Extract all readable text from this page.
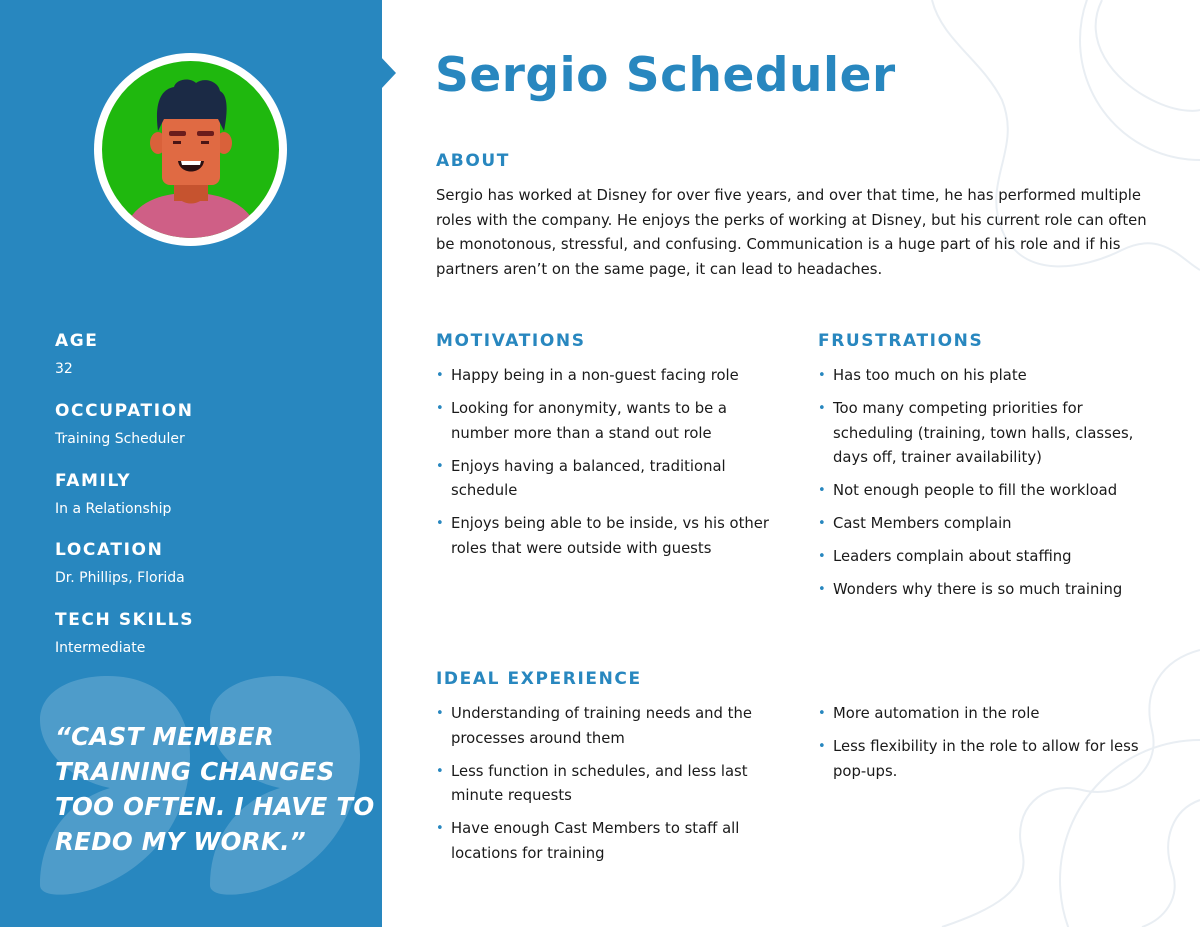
AGE
32
OCCUPATION
Training Scheduler
FAMILY
In a Relationship
LOCATION
Dr. Phillips, Florida
TECH SKILLS
Intermediate
“CAST MEMBER TRAINING CHANGES TOO OFTEN. I HAVE TO REDO MY WORK.”
Sergio Scheduler
ABOUT
Sergio has worked at Disney for over five years, and over that time, he has performed multiple roles with the company. He enjoys the perks of working at Disney, but his current role can often be monotonous, stressful, and confusing. Communication is a huge part of his role and if his partners aren’t on the same page, it can lead to headaches.
MOTIVATIONS
• Happy being in a non-guest facing role
• Looking for anonymity, wants to be a number more than a stand out role
• Enjoys having a balanced, traditional schedule
• Enjoys being able to be inside, vs his other roles that were outside with guests
FRUSTRATIONS
• Has too much on his plate
• Too many competing priorities for scheduling (training, town halls, classes, days off, trainer availability)
• Not enough people to fill the workload
• Cast Members complain
• Leaders complain about staffing
• Wonders why there is so much training
IDEAL EXPERIENCE
• Understanding of training needs and the processes around them
• Less function in schedules, and less last minute requests
• Have enough Cast Members to staff all locations for training
• More automation in the role
• Less flexibility in the role to allow for less pop-ups.
